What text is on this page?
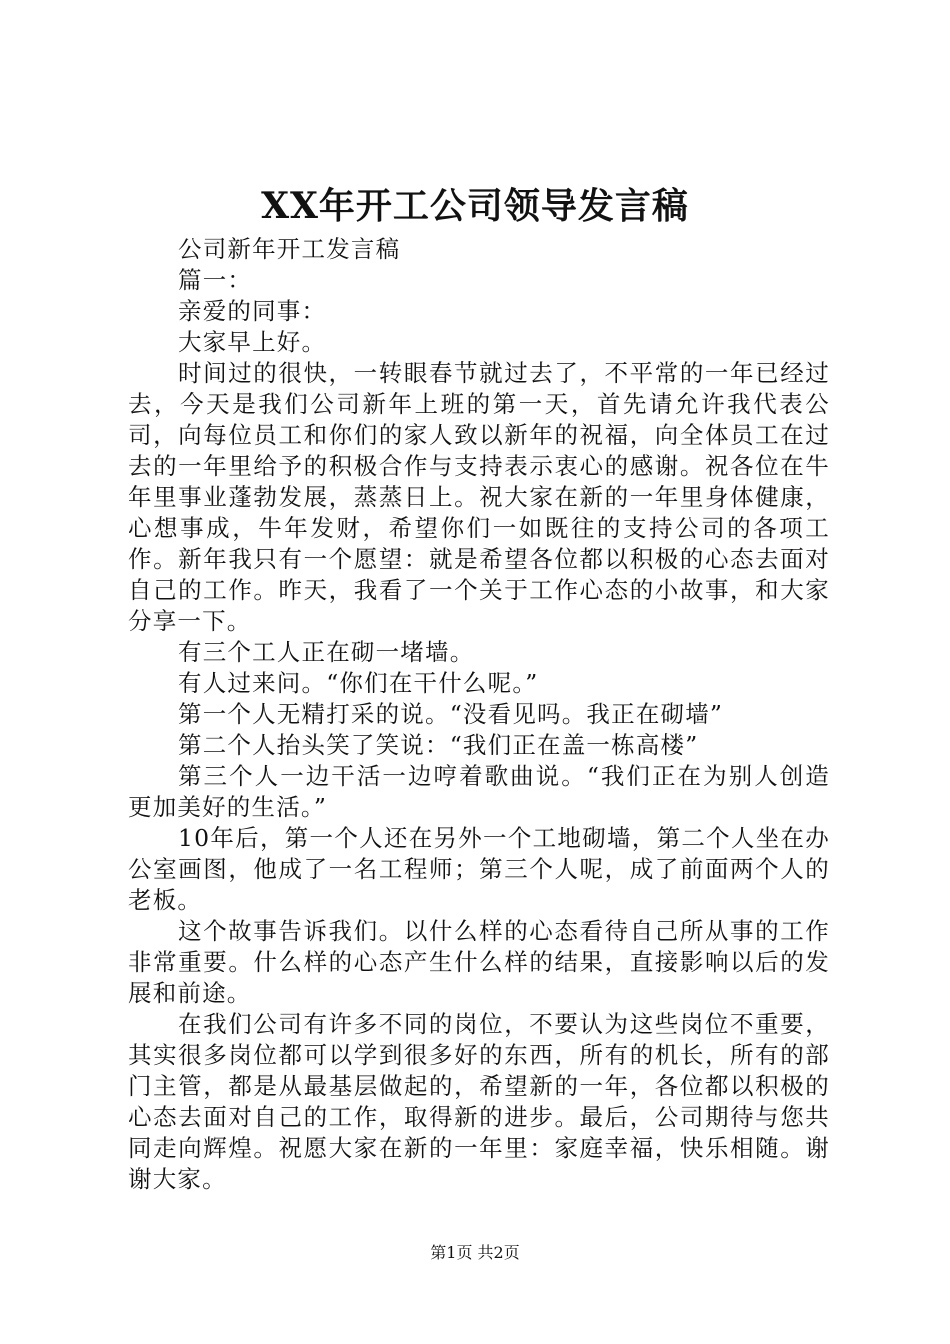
XX年开工公司领导发言稿

公司新年开工发言稿

篇一：

亲爱的同事：

大家早上好。

时间过的很快，一转眼春节就过去了，不平常的一年已经过去，今天是我们公司新年上班的第一天，首先请允许我代表公司，向每位员工和你们的家人致以新年的祝福，向全体员工在过去的一年里给予的积极合作与支持表示衷心的感谢。祝各位在牛年里事业蓬勃发展，蒸蒸日上。祝大家在新的一年里身体健康，心想事成，牛年发财，希望你们一如既往的支持公司的各项工作。新年我只有一个愿望：就是希望各位都以积极的心态去面对自己的工作。昨天，我看了一个关于工作心态的小故事，和大家分享一下。

有三个工人正在砌一堵墙。

有人过来问。“你们在干什么呢。”

第一个人无精打采的说。“没看见吗。我正在砌墙”

第二个人抬头笑了笑说：“我们正在盖一栋高楼”

第三个人一边干活一边哼着歌曲说。“我们正在为别人创造更加美好的生活。”

10年后，第一个人还在另外一个工地砌墙，第二个人坐在办公室画图，他成了一名工程师；第三个人呢，成了前面两个人的老板。

这个故事告诉我们。以什么样的心态看待自己所从事的工作非常重要。什么样的心态产生什么样的结果，直接影响以后的发展和前途。

在我们公司有许多不同的岗位，不要认为这些岗位不重要，其实很多岗位都可以学到很多好的东西，所有的机长，所有的部门主管，都是从最基层做起的，希望新的一年，各位都以积极的心态去面对自己的工作，取得新的进步。最后，公司期待与您共同走向辉煌。祝愿大家在新的一年里：家庭幸福，快乐相随。谢谢大家。

第1页 共2页
